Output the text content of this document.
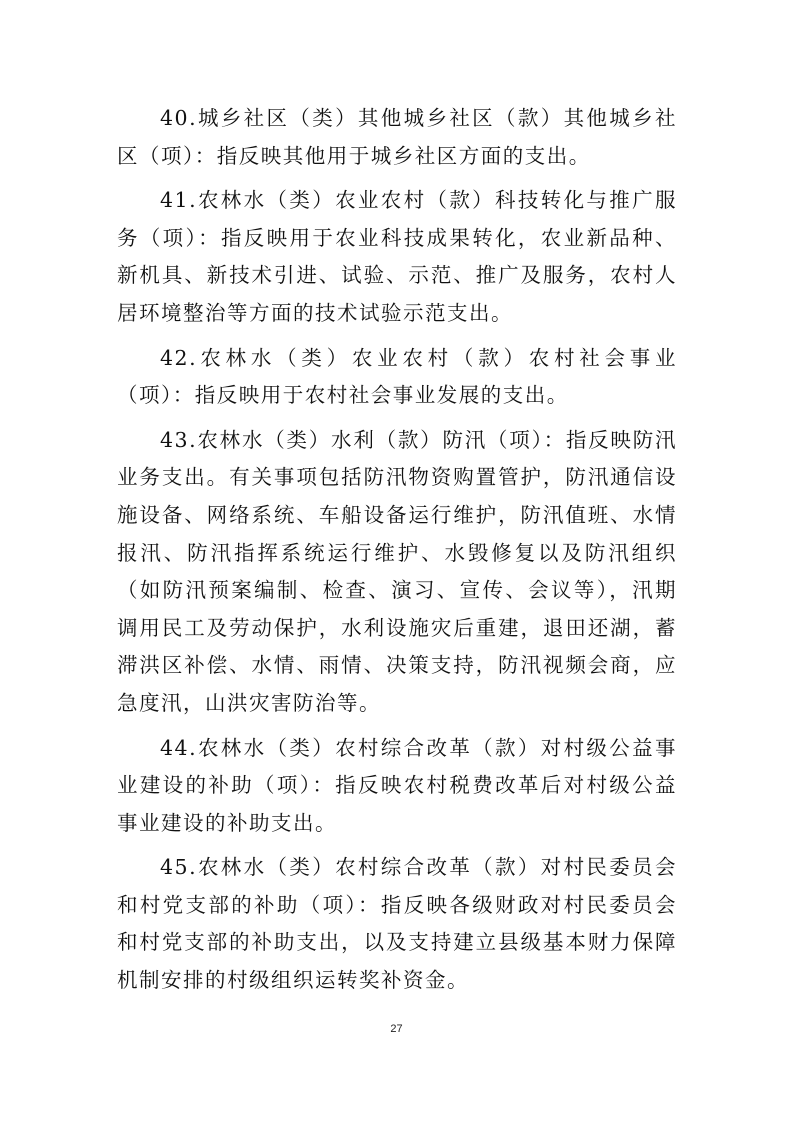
40.城乡社区（类）其他城乡社区（款）其他城乡社区（项）：指反映其他用于城乡社区方面的支出。

41.农林水（类）农业农村（款）科技转化与推广服务（项）：指反映用于农业科技成果转化，农业新品种、新机具、新技术引进、试验、示范、推广及服务，农村人居环境整治等方面的技术试验示范支出。

42.农林水（类）农业农村（款）农村社会事业（项）：指反映用于农村社会事业发展的支出。

43.农林水（类）水利（款）防汛（项）：指反映防汛业务支出。有关事项包括防汛物资购置管护，防汛通信设施设备、网络系统、车船设备运行维护，防汛值班、水情报汛、防汛指挥系统运行维护、水毁修复以及防汛组织（如防汛预案编制、检查、演习、宣传、会议等），汛期调用民工及劳动保护，水利设施灾后重建，退田还湖，蓄滞洪区补偿、水情、雨情、决策支持，防汛视频会商，应急度汛，山洪灾害防治等。

44.农林水（类）农村综合改革（款）对村级公益事业建设的补助（项）：指反映农村税费改革后对村级公益事业建设的补助支出。

45.农林水（类）农村综合改革（款）对村民委员会和村党支部的补助（项）：指反映各级财政对村民委员会和村党支部的补助支出，以及支持建立县级基本财力保障机制安排的村级组织运转奖补资金。

27
